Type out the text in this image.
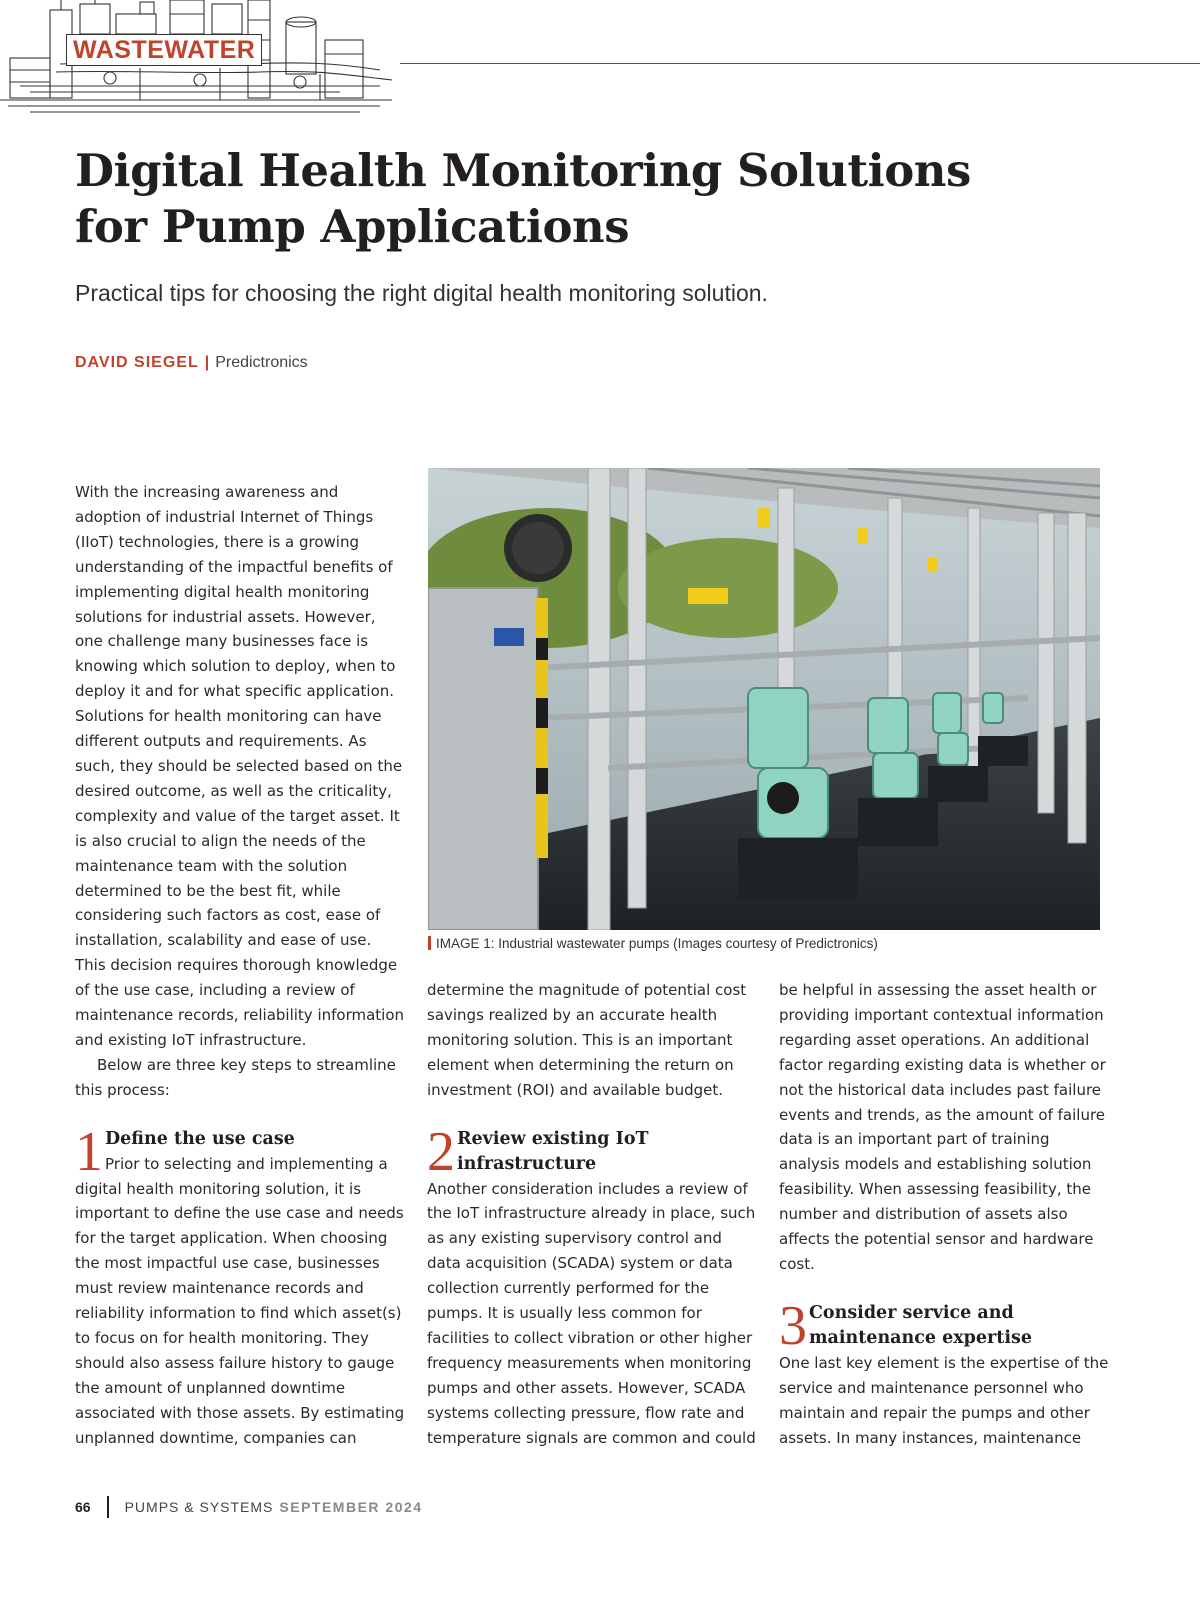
WASTEWATER
Digital Health Monitoring Solutions
for Pump Applications

Practical tips for choosing the right digital health monitoring solution.

DAVID SIEGEL | Predictronics

With the increasing awareness and adoption of industrial Internet of Things (IIoT) technologies, there is a growing understanding of the impactful benefits of implementing digital health monitoring solutions for industrial assets. However, one challenge many businesses face is knowing which solution to deploy, when to deploy it and for what specific application. Solutions for health monitoring can have different outputs and requirements. As such, they should be selected based on the desired outcome, as well as the criticality, complexity and value of the target asset. It is also crucial to align the needs of the maintenance team with the solution determined to be the best fit, while considering such factors as cost, ease of installation, scalability and ease of use. This decision requires thorough knowledge of the use case, including a review of maintenance records, reliability information and existing IoT infrastructure.

Below are three key steps to streamline this process:

1 Define the use case
Prior to selecting and implementing a digital health monitoring solution, it is important to define the use case and needs for the target application. When choosing the most impactful use case, businesses must review maintenance records and reliability information to find which asset(s) to focus on for health monitoring. They should also assess failure history to gauge the amount of unplanned downtime associated with those assets. By estimating unplanned downtime, companies can
IMAGE 1: Industrial wastewater pumps (Images courtesy of Predictronics)

determine the magnitude of potential cost savings realized by an accurate health monitoring solution. This is an important element when determining the return on investment (ROI) and available budget.

2 Review existing IoT infrastructure
Another consideration includes a review of the IoT infrastructure already in place, such as any existing supervisory control and data acquisition (SCADA) system or data collection currently performed for the pumps. It is usually less common for facilities to collect vibration or other higher frequency measurements when monitoring pumps and other assets. However, SCADA systems collecting pressure, flow rate and temperature signals are common and could

be helpful in assessing the asset health or providing important contextual information regarding asset operations. An additional factor regarding existing data is whether or not the historical data includes past failure events and trends, as the amount of failure data is an important part of training analysis models and establishing solution feasibility. When assessing feasibility, the number and distribution of assets also affects the potential sensor and hardware cost.

3 Consider service and maintenance expertise
One last key element is the expertise of the service and maintenance personnel who maintain and repair the pumps and other assets. In many instances, maintenance
66 PUMPS & SYSTEMS SEPTEMBER 2024
